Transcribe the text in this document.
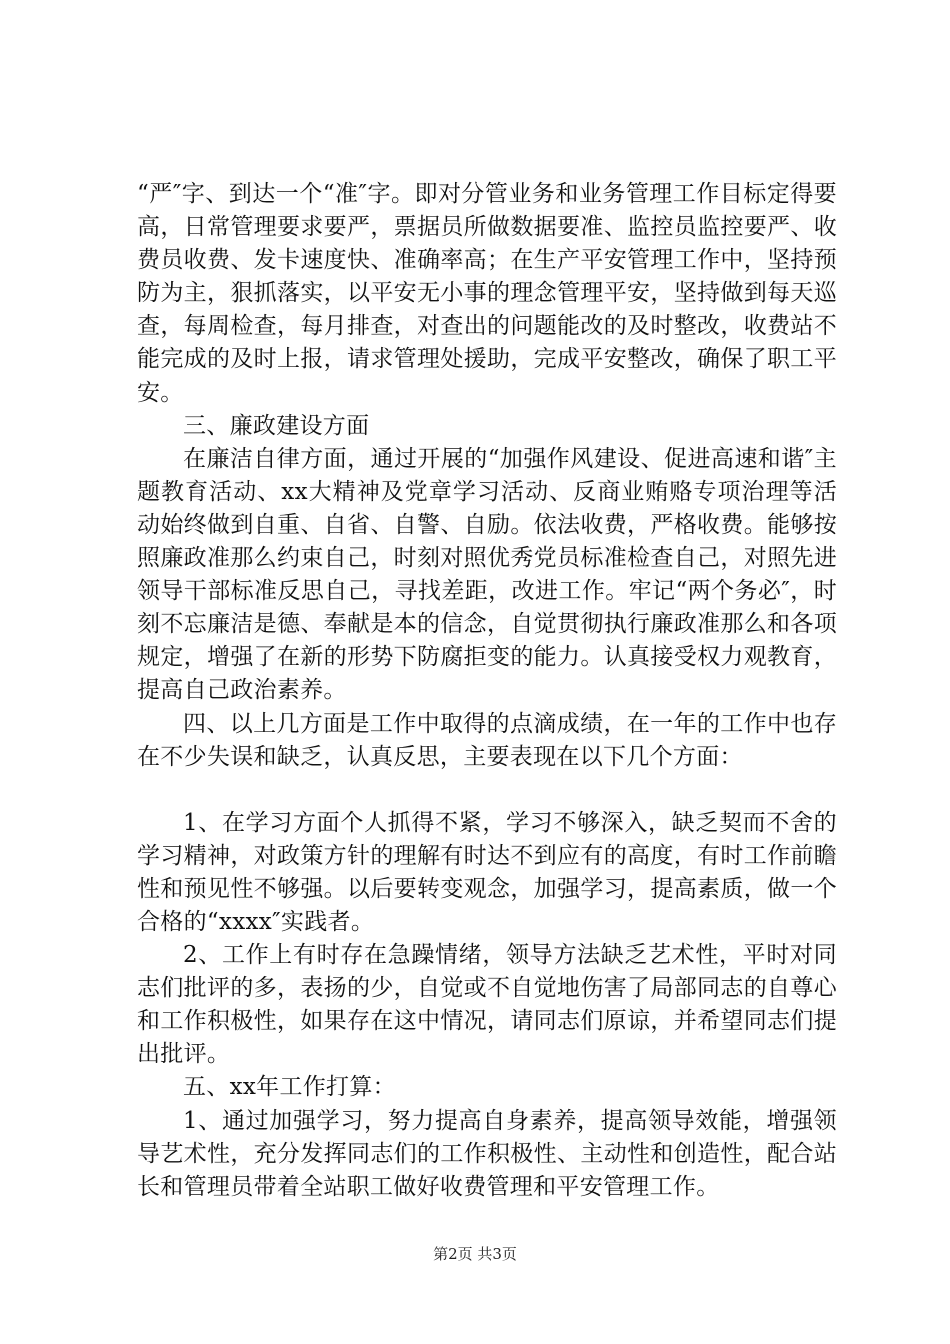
“严″字、到达一个“准″字。即对分管业务和业务管理工作目标定得要高，日常管理要求要严，票据员所做数据要准、监控员监控要严、收费员收费、发卡速度快、准确率高；在生产平安管理工作中，坚持预防为主，狠抓落实，以平安无小事的理念管理平安，坚持做到每天巡查，每周检查，每月排查，对查出的问题能改的及时整改，收费站不能完成的及时上报，请求管理处援助，完成平安整改，确保了职工平安。

三、廉政建设方面

在廉洁自律方面，通过开展的“加强作风建设、促进高速和谐″主题教育活动、xx大精神及党章学习活动、反商业贿赂专项治理等活动始终做到自重、自省、自警、自励。依法收费，严格收费。能够按照廉政准那么约束自己，时刻对照优秀党员标准检查自己，对照先进领导干部标准反思自己，寻找差距，改进工作。牢记“两个务必″，时刻不忘廉洁是德、奉献是本的信念，自觉贯彻执行廉政准那么和各项规定，增强了在新的形势下防腐拒变的能力。认真接受权力观教育，提高自己政治素养。

四、以上几方面是工作中取得的点滴成绩，在一年的工作中也存在不少失误和缺乏，认真反思，主要表现在以下几个方面：

1、在学习方面个人抓得不紧，学习不够深入，缺乏契而不舍的学习精神，对政策方针的理解有时达不到应有的高度，有时工作前瞻性和预见性不够强。以后要转变观念，加强学习，提高素质，做一个合格的“xxxx″实践者。

2、工作上有时存在急躁情绪，领导方法缺乏艺术性，平时对同志们批评的多，表扬的少，自觉或不自觉地伤害了局部同志的自尊心和工作积极性，如果存在这中情况，请同志们原谅，并希望同志们提出批评。

五、xx年工作打算：

1、通过加强学习，努力提高自身素养，提高领导效能，增强领导艺术性，充分发挥同志们的工作积极性、主动性和创造性，配合站长和管理员带着全站职工做好收费管理和平安管理工作。

第2页 共3页
